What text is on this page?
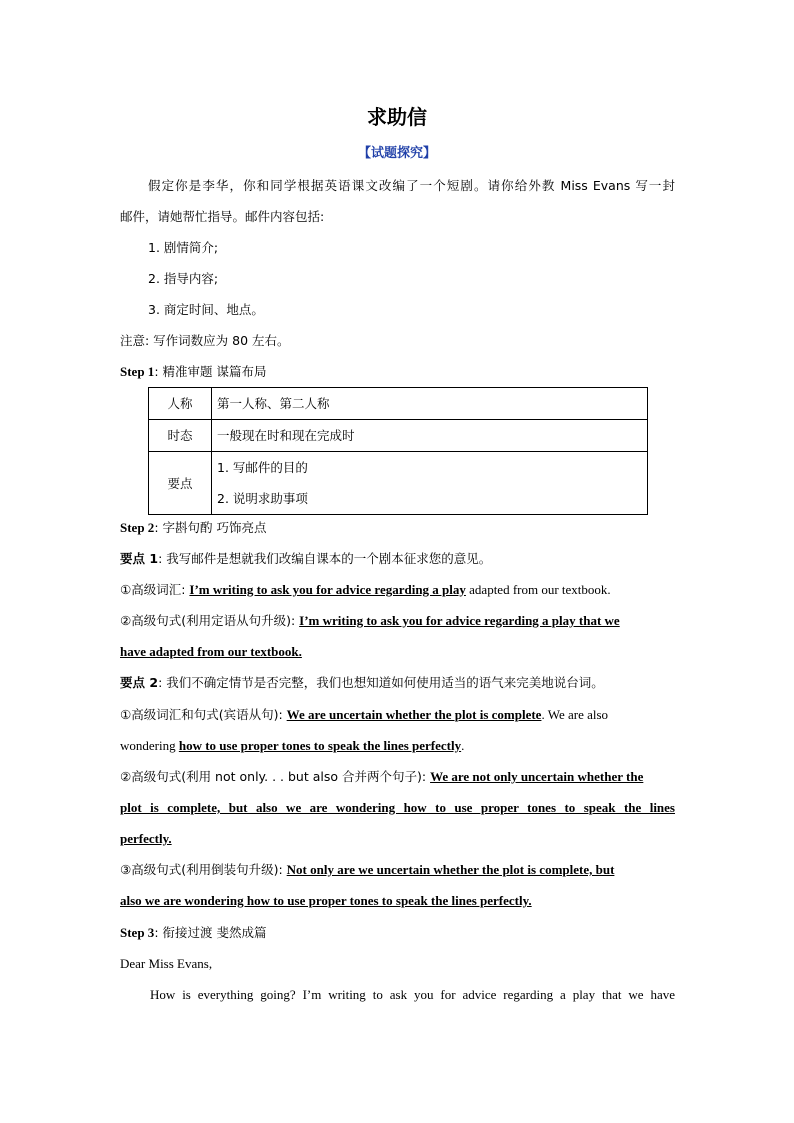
求助信
【试题探究】
假定你是李华，你和同学根据英语课文改编了一个短剧。请你给外教 Miss Evans 写一封
邮件，请她帮忙指导。邮件内容包括:
1. 剧情简介;
2. 指导内容;
3. 商定时间、地点。
注意: 写作词数应为 80 左右。
Step 1: 精准审题 谋篇布局
人称	第一人称、第二人称
时态	一般现在时和现在完成时
要点	1. 写邮件的目的
2. 说明求助事项
Step 2: 字斟句酌 巧饰亮点
要点 1: 我写邮件是想就我们改编自课本的一个剧本征求您的意见。
①高级词汇: I’m writing to ask you for advice regarding a play adapted from our textbook.
②高级句式(利用定语从句升级): I’m writing to ask you for advice regarding a play that we
have adapted from our textbook.
要点 2: 我们不确定情节是否完整，我们也想知道如何使用适当的语气来完美地说台词。
①高级词汇和句式(宾语从句): We are uncertain whether the plot is complete. We are also
wondering how to use proper tones to speak the lines perfectly.
②高级句式(利用 not only. . . but also 合并两个句子): We are not only uncertain whether the
plot is complete, but also we are wondering how to use proper tones to speak the lines
perfectly.
③高级句式(利用倒装句升级): Not only are we uncertain whether the plot is complete, but
also we are wondering how to use proper tones to speak the lines perfectly.
Step 3: 衔接过渡 斐然成篇
Dear Miss Evans,
How is everything going? I’m writing to ask you for advice regarding a play that we have
